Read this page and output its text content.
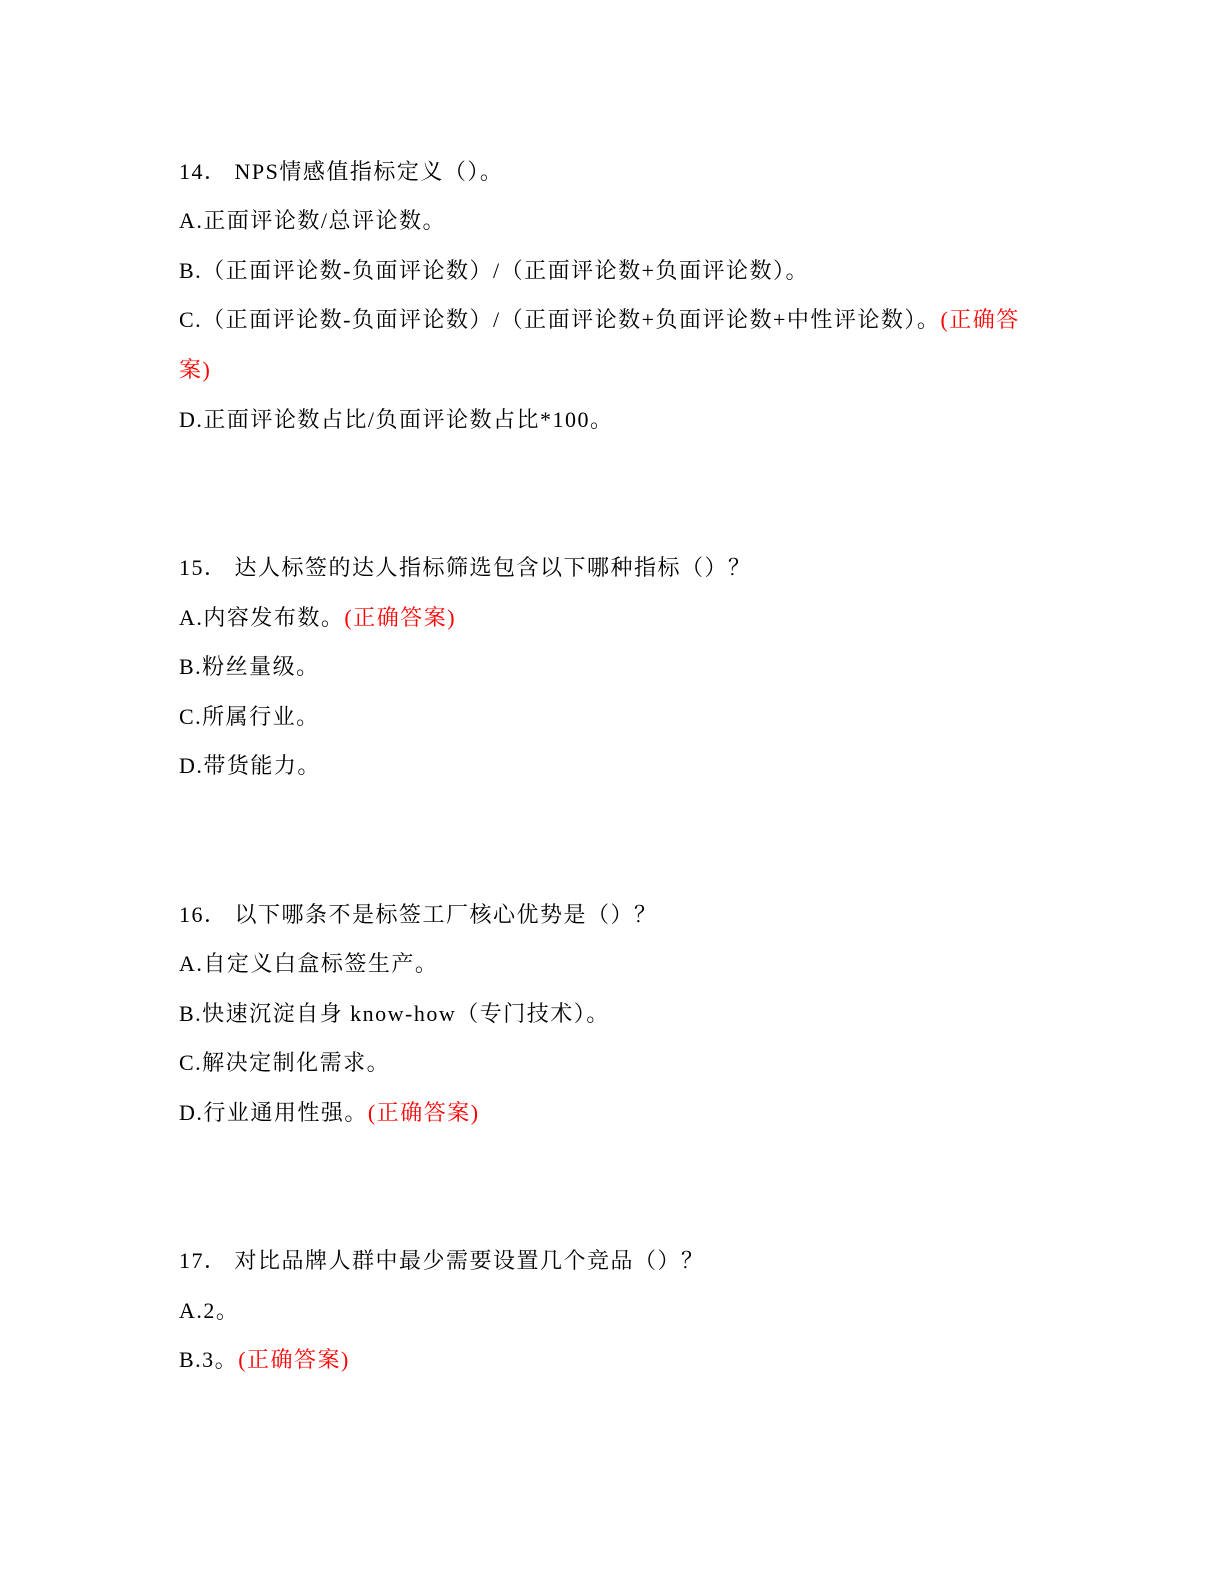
14． NPS情感值指标定义（）。
A.正面评论数/总评论数。
B.（正面评论数-负面评论数）/（正面评论数+负面评论数）。
C.（正面评论数-负面评论数）/（正面评论数+负面评论数+中性评论数）。(正确答
案)
D.正面评论数占比/负面评论数占比*100。
15． 达人标签的达人指标筛选包含以下哪种指标（）？
A.内容发布数。(正确答案)
B.粉丝量级。
C.所属行业。
D.带货能力。
16． 以下哪条不是标签工厂核心优势是（）？
A.自定义白盒标签生产。
B.快速沉淀自身 know-how（专门技术）。
C.解决定制化需求。
D.行业通用性强。(正确答案)
17． 对比品牌人群中最少需要设置几个竞品（）？
A.2。
B.3。(正确答案)
